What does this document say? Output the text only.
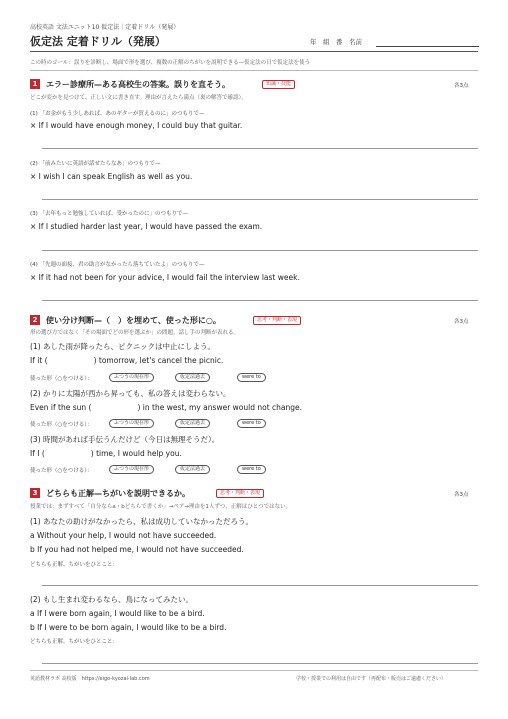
高校英語 文法ユニット10 仮定法｜定着ドリル（発展）
仮定法 定着ドリル（発展）	年　組　番　名前
この時のゴール：誤りを診断し、場面で形を選び、複数の正解のちがいを説明できる—仮定法の日で仮定法を使う
1	エラー診療所—ある高校生の答案。誤りを直そう。	知識・技能	各3点
どこが変かを見つけて、正しい文に書き直す。理由が言えたら満点（裏の解答で確認）。
(1) 「お金がもう少しあれば、あのギターが買えるのに」のつもりで—
× If I would have enough money, I could buy that guitar.
(2) 「前みたいに英語が話せたらなあ」のつもりで—
× I wish I can speak English as well as you.
(3) 「去年もっと勉強していれば、受かったのに」のつもりで—
× If I studied harder last year, I would have passed the exam.
(4) 「先週の面接、君の助言がなかったら落ちていたよ」のつもりで—
× If it had not been for your advice, I would fail the interview last week.
2	使い分け判断—（　）を埋めて、使った形に○。	思考・判断・表現	各3点
形の選び方ではなく「その場面でどの形を選ぶか」の問題。話し手の判断が表れる。
(1) あした雨が降ったら、ピクニックは中止にしよう。
If it (	) tomorrow, let's cancel the picnic.
使った形（○をつける）：	ふつうの現在形	仮定法過去	were to
(2) かりに太陽が西から昇っても、私の答えは変わらない。
Even if the sun (	) in the west, my answer would not change.
使った形（○をつける）：	ふつうの現在形	仮定法過去	were to
(3) 時間があれば手伝うんだけど（今日は無理そうだ）。
If I (	) time, I would help you.
使った形（○をつける）：	ふつうの現在形	仮定法過去	were to
3	どちらも正解—ちがいを説明できるか。	思考・判断・表現	各3点
授業では：まずすべて「自分ならa・bどちらで書くか」→ペア→理由を1人ずつ、正解はひとつではない。
(1) あなたの助けがなかったら、私は成功していなかっただろう。
a Without your help, I would not have succeeded.
b If you had not helped me, I would not have succeeded.
どちらも正解、ちがいをひとこと：
(2) もし生まれ変わるなら、鳥になってみたい。
a If I were born again, I would like to be a bird.
b If I were to be born again, I would like to be a bird.
どちらも正解、ちがいをひとこと：
英語教材ラボ 高校版　https://eigo-kyozai-lab.com	学校・授業での利用は自由です（再配布・販売はご遠慮ください）
